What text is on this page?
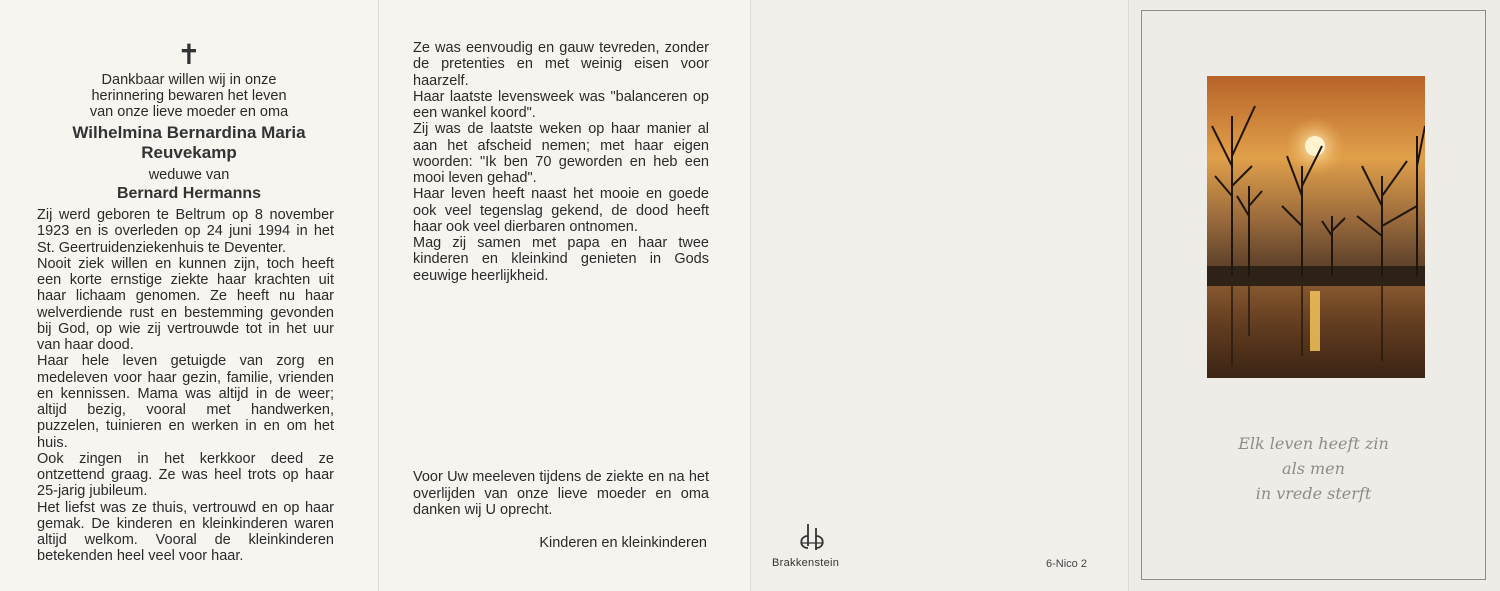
✝
Dankbaar willen wij in onze
herinnering bewaren het leven
van onze lieve moeder en oma
Wilhelmina Bernardina Maria
Reuvekamp
weduwe van
Bernard Hermanns

Zij werd geboren te Beltrum op 8 november 1923 en is overleden op 24 juni 1994 in het St. Geertruidenziekenhuis te Deventer.

Nooit ziek willen en kunnen zijn, toch heeft een korte ernstige ziekte haar krachten uit haar lichaam genomen. Ze heeft nu haar welverdiende rust en bestemming gevonden bij God, op wie zij vertrouwde tot in het uur van haar dood.

Haar hele leven getuigde van zorg en medeleven voor haar gezin, familie, vrienden en kennissen. Mama was altijd in de weer; altijd bezig, vooral met handwerken, puzzelen, tuinieren en werken in en om het huis.

Ook zingen in het kerkkoor deed ze ontzettend graag. Ze was heel trots op haar 25-jarig jubileum.

Het liefst was ze thuis, vertrouwd en op haar gemak. De kinderen en kleinkinderen waren altijd welkom. Vooral de kleinkinderen betekenden heel veel voor haar.

Ze was eenvoudig en gauw tevreden, zonder de pretenties en met weinig eisen voor haarzelf.

Haar laatste levensweek was "balanceren op een wankel koord".

Zij was de laatste weken op haar manier al aan het afscheid nemen; met haar eigen woorden: "Ik ben 70 geworden en heb een mooi leven gehad".

Haar leven heeft naast het mooie en goede ook veel tegenslag gekend, de dood heeft haar ook veel dierbaren ontnomen.

Mag zij samen met papa en haar twee kinderen en kleinkind genieten in Gods eeuwige heerlijkheid.

Voor Uw meeleven tijdens de ziekte en na het overlijden van onze lieve moeder en oma danken wij U oprecht.
Kinderen en kleinkinderen
Brakkenstein	6-Nico 2
Elk leven heeft zin
als men
in vrede sterft
